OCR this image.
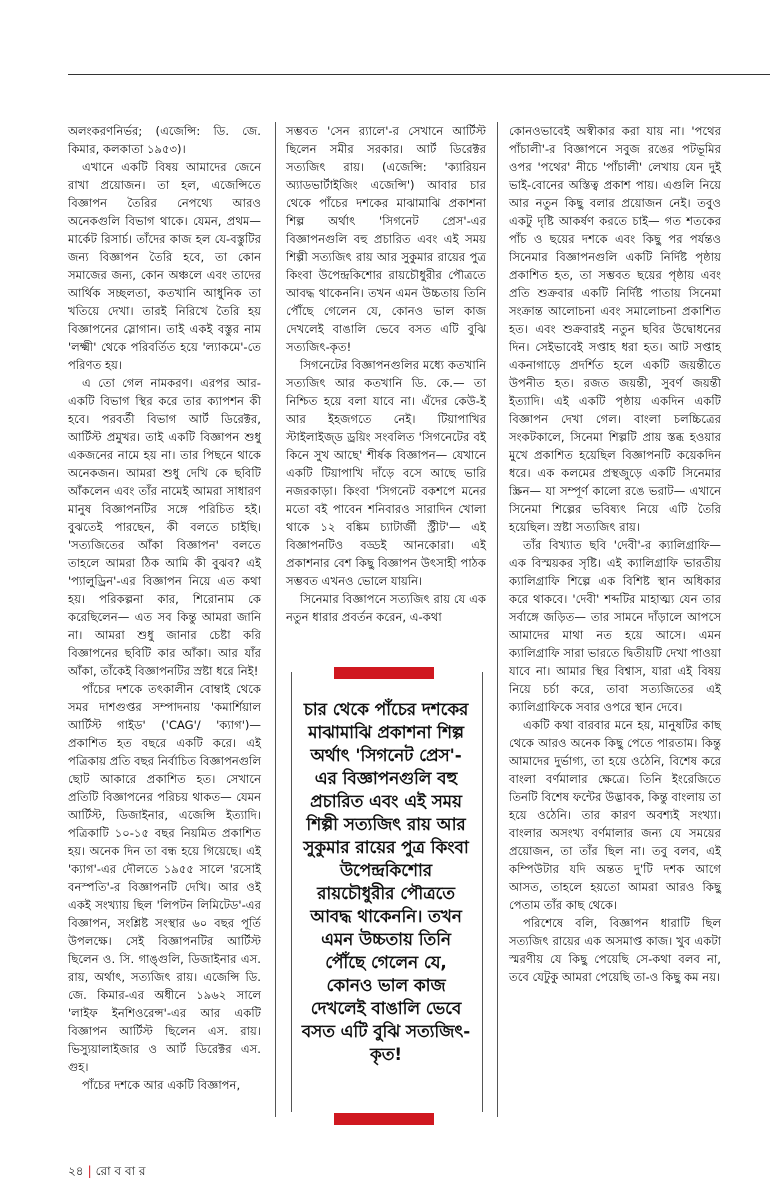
অলংকরণনির্ভর; (এজেন্সি: ডি. জে. কিমার, কলকাতা ১৯৫৩)।

এখানে একটি বিষয় আমাদের জেনে রাখা প্রয়োজন। তা হল, এজেন্সিতে বিজ্ঞাপন তৈরির নেপথ্যে আরও অনেকগুলি বিভাগ থাকে। যেমন, প্রথম— মার্কেট রিসার্চ। তাঁদের কাজ হল যে-বস্তুটির জন্য বিজ্ঞাপন তৈরি হবে, তা কোন সমাজের জন্য, কোন অঞ্চলে এবং তাদের আর্থিক সচ্ছলতা, কতখানি আধুনিক তা খতিয়ে দেখা। তারই নিরিখে তৈরি হয় বিজ্ঞাপনের স্লোগান। তাই একই বস্তুর নাম 'লক্ষ্মী' থেকে পরিবর্তিত হয়ে 'ল্যাকমে'-তে পরিণত হয়।

এ তো গেল নামকরণ। এরপর আর-একটি বিভাগ স্থির করে তার ক্যাপশন কী হবে। পরবর্তী বিভাগ আর্ট ডিরেক্টর, আর্টিস্ট প্রমুখর। তাই একটি বিজ্ঞাপন শুধু একজনের নামে হয় না। তার পিছনে থাকে অনেকজন। আমরা শুধু দেখি কে ছবিটি আঁকলেন এবং তাঁর নামেই আমরা সাধারণ মানুষ বিজ্ঞাপনটির সঙ্গে পরিচিত হই। বুঝতেই পারছেন, কী বলতে চাইছি। 'সত্যজিতের আঁকা বিজ্ঞাপন' বলতে তাহলে আমরা ঠিক আমি কী বুঝব? এই 'প্যালুড্রিন'-এর বিজ্ঞাপন নিয়ে এত কথা হয়। পরিকল্পনা কার, শিরোনাম কে করেছিলেন— এত সব কিন্তু আমরা জানি না। আমরা শুধু জানার চেষ্টা করি বিজ্ঞাপনের ছবিটি কার আঁকা। আর যাঁর আঁকা, তাঁকেই বিজ্ঞাপনটির স্রষ্টা ধরে নিই!

পাঁচের দশকে তৎকালীন বোম্বাই থেকে সমর দাশগুপ্তর সম্পাদনায় 'কমার্শিয়াল আর্টিস্ট গাইড' ('CAG'/ 'ক্যাগ')—প্রকাশিত হত বছরে একটি করে। এই পত্রিকায় প্রতি বছর নির্বাচিত বিজ্ঞাপনগুলি ছোট আকারে প্রকাশিত হত। সেখানে প্রতিটি বিজ্ঞাপনের পরিচয় থাকত— যেমন আর্টিস্ট, ডিজাইনার, এজেন্সি ইত্যাদি। পত্রিকাটি ১০-১৫ বছর নিয়মিত প্রকাশিত হয়। অনেক দিন তা বন্ধ হয়ে গিয়েছে। এই 'ক্যাগ'-এর দৌলতে ১৯৫৫ সালে 'রসোই বনস্পতি'-র বিজ্ঞাপনটি দেখি। আর ওই একই সংখ্যায় ছিল 'লিপটন লিমিটেড'-এর বিজ্ঞাপন, সংশ্লিষ্ট সংস্থার ৬০ বছর পূর্তি উপলক্ষে। সেই বিজ্ঞাপনটির আর্টিস্ট ছিলেন ও. সি. গাঙ্গুলি, ডিজাইনার এস. রায়, অর্থাৎ, সত্যজিৎ রায়। এজেন্সি ডি. জে. কিমার-এর অধীনে ১৯৬২ সালে 'লাইফ ইনশিওরেন্স'-এর আর একটি বিজ্ঞাপন আর্টিস্ট ছিলেন এস. রায়। ভিস্যুয়ালাইজার ও আর্ট ডিরেক্টর এস. গুহ।

পাঁচের দশকে আর একটি বিজ্ঞাপন,

সম্ভবত 'সেন র‍্যালে'-র সেখানে আর্টিস্ট ছিলেন সমীর সরকার। আর্ট ডিরেক্টর সত্যজিৎ রায়। (এজেন্সি: 'ক্যারিয়ন অ্যাডভার্টাইজিং এজেন্সি') আবার চার থেকে পাঁচের দশকের মাঝামাঝি প্রকাশনা শিল্প অর্থাৎ 'সিগনেট প্রেস'-এর বিজ্ঞাপনগুলি বহু প্রচারিত এবং এই সময় শিল্পী সত্যজিৎ রায় আর সুকুমার রায়ের পুত্র কিংবা উপেন্দ্রকিশোর রায়চৌধুরীর পৌত্রতে আবদ্ধ থাকেননি। তখন এমন উচ্চতায় তিনি পৌঁছে গেলেন যে, কোনও ভাল কাজ দেখলেই বাঙালি ভেবে বসত এটি বুঝি সত্যজিৎ-কৃত!

সিগনেটের বিজ্ঞাপনগুলির মধ্যে কতখানি সত্যজিৎ আর কতখানি ডি. কে.— তা নিশ্চিত হয়ে বলা যাবে না। এঁদের কেউ-ই আর ইহজগতে নেই। টিয়াপাখির স্টাইলাইজ্‌ড ড্রয়িং সংবলিত 'সিগনেটের বই কিনে সুখ আছে' শীর্ষক বিজ্ঞাপন— যেখানে একটি টিয়াপাখি দাঁড়ে বসে আছে ভারি নজরকাড়া। কিংবা 'সিগনেট বকশপে মনের মতো বই পাবেন শনিবারও সারাদিন খোলা থাকে ১২ বঙ্কিম চ্যাটার্জী স্ট্রীট'— এই বিজ্ঞাপনটিও বড্ডই আনকোরা। এই প্রকাশনার বেশ কিছু বিজ্ঞাপন উৎসাহী পাঠক সম্ভবত এখনও ভোলে যায়নি।

সিনেমার বিজ্ঞাপনে সত্যজিৎ রায় যে এক নতুন ধারার প্রবর্তন করেন, এ-কথা

কোনওভাবেই অস্বীকার করা যায় না। 'পথের পাঁচালী'-র বিজ্ঞাপনে সবুজ রঙের পটভূমির ওপর 'পথের' নীচে 'পাঁচালী' লেখায় যেন দুই ভাই-বোনের অস্তিত্ব প্রকাশ পায়। এগুলি নিয়ে আর নতুন কিছু বলার প্রয়োজন নেই। তবুও একটু দৃষ্টি আকর্ষণ করতে চাই— গত শতকের পাঁচ ও ছয়ের দশকে এবং কিছু পর পর্যন্তও সিনেমার বিজ্ঞাপনগুলি একটি নির্দিষ্ট পৃষ্ঠায় প্রকাশিত হত, তা সম্ভবত ছয়ের পৃষ্ঠায় এবং প্রতি শুক্রবার একটি নির্দিষ্ট পাতায় সিনেমা সংক্রান্ত আলোচনা এবং সমালোচনা প্রকাশিত হত। এবং শুক্রবারই নতুন ছবির উদ্বোধনের দিন। সেইভাবেই সপ্তাহ ধরা হত। আট সপ্তাহ একনাগাড়ে প্রদর্শিত হলে একটি জয়ন্তীতে উপনীত হত। রজত জয়ন্তী, সুবর্ণ জয়ন্তী ইত্যাদি। এই একটি পৃষ্ঠায় একদিন একটি বিজ্ঞাপন দেখা গেল। বাংলা চলচ্চিত্রের সংকটকালে, সিনেমা শিল্পটি প্রায় স্তব্ধ হওয়ার মুখে প্রকাশিত হয়েছিল বিজ্ঞাপনটি কয়েকদিন ধরে। এক কলমের প্রস্থজুড়ে একটি সিনেমার স্ক্রিন— যা সম্পূর্ণ কালো রঙে ভরাট— এখানে সিনেমা শিল্পের ভবিষ্যৎ নিয়ে এটি তৈরি হয়েছিল। স্রষ্টা সত্যজিৎ রায়।

তাঁর বিখ্যাত ছবি 'দেবী'-র ক্যালিগ্রাফি— এক বিস্ময়কর সৃষ্টি। এই ক্যালিগ্রাফি ভারতীয় ক্যালিগ্রাফি শিল্পে এক বিশিষ্ট স্থান অধিকার করে থাকবে। 'দেবী' শব্দটির মাহাত্ম্য যেন তার সর্বাঙ্গে জড়িত— তার সামনে দাঁড়ালে আপসে আমাদের মাথা নত হয়ে আসে। এমন ক্যালিগ্রাফি সারা ভারতে দ্বিতীয়টি দেখা পাওয়া যাবে না। আমার স্থির বিশ্বাস, যারা এই বিষয় নিয়ে চর্চা করে, তাবা সত্যজিতের এই ক্যালিগ্রাফিকে সবার ওপরে স্থান দেবে।

একটি কথা বারবার মনে হয়, মানুষটির কাছ থেকে আরও অনেক কিছু পেতে পারতাম। কিন্তু আমাদের দুর্ভাগ্য, তা হয়ে ওঠেনি, বিশেষ করে বাংলা বর্ণমালার ক্ষেত্রে। তিনি ইংরেজিতে তিনটি বিশেষ ফন্টের উদ্ভাবক, কিন্তু বাংলায় তা হয়ে ওঠেনি। তার কারণ অবশ্যই সংখ্যা। বাংলার অসংখ্য বর্ণমালার জন্য যে সময়ের প্রয়োজন, তা তাঁর ছিল না। তবু বলব, এই কম্পিউটার যদি অন্তত দু'টি দশক আগে আসত, তাহলে হয়তো আমরা আরও কিছু পেতাম তাঁর কাছ থেকে।

পরিশেষে বলি, বিজ্ঞাপন ধারাটি ছিল সত্যজিৎ রায়ের এক অসমাপ্ত কাজ। খুব একটা স্মরণীয় যে কিছু পেয়েছি সে-কথা বলব না, তবে যেটুকু আমরা পেয়েছি তা-ও কিছু কম নয়।

চার থেকে পাঁচের দশকের মাঝামাঝি প্রকাশনা শিল্প অর্থাৎ 'সিগনেট প্রেস'-এর বিজ্ঞাপনগুলি বহু প্রচারিত এবং এই সময় শিল্পী সত্যজিৎ রায় আর সুকুমার রায়ের পুত্র কিংবা উপেন্দ্রকিশোর রায়চৌধুরীর পৌত্রতে আবদ্ধ থাকেননি। তখন এমন উচ্চতায় তিনি পৌঁছে গেলেন যে, কোনও ভাল কাজ দেখলেই বাঙালি ভেবে বসত এটি বুঝি সত্যজিৎ-কৃত!
২৪ | রো ব বা র
